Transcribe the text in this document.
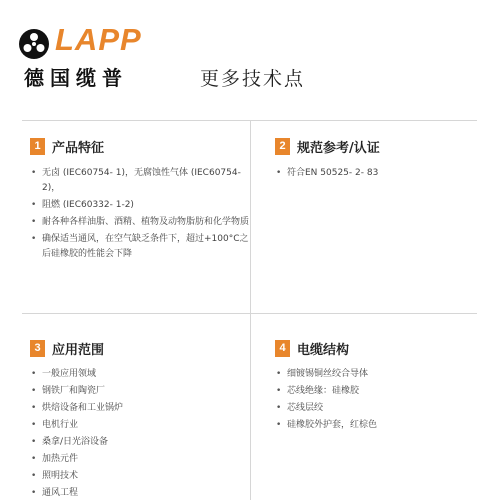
LAPP
德国缆普	更多技术点
1 产品特征
• 无卤 (IEC60754- 1)，无腐蚀性气体 (IEC60754-2)，
• 阻燃 (IEC60332- 1-2)
• 耐各种各样油脂、酒精、植物及动物脂肪和化学物质
• 确保适当通风，在空气缺乏条件下，超过+100°C之后硅橡胶的性能会下降
2 规范参考/认证
• 符合EN 50525- 2- 83
3 应用范围
• 一般应用领域
• 钢铁厂和陶瓷厂
• 烘焙设备和工业锅炉
• 电机行业
• 桑拿/日光浴设备
• 加热元件
• 照明技术
• 通风工程
4 电缆结构
• 细镀锡铜丝绞合导体
• 芯线绝缘：硅橡胶
• 芯线层绞
• 硅橡胶外护套，红棕色
